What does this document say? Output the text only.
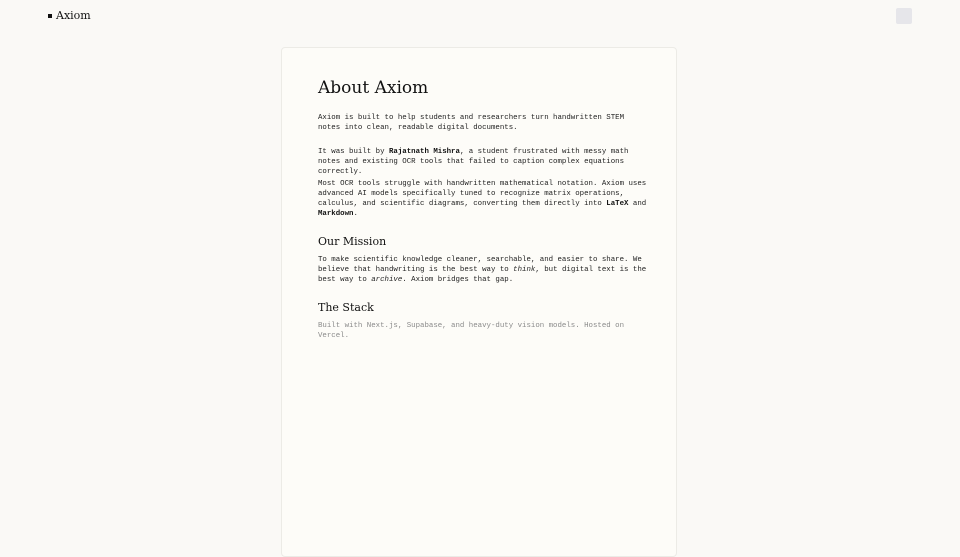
Axiom
About Axiom

Axiom is built to help students and researchers turn handwritten STEM notes into clean, readable digital documents.

It was built by Rajatnath Mishra, a student frustrated with messy math notes and existing OCR tools that failed to caption complex equations correctly.

Most OCR tools struggle with handwritten mathematical notation. Axiom uses advanced AI models specifically tuned to recognize matrix operations, calculus, and scientific diagrams, converting them directly into LaTeX and Markdown.

Our Mission

To make scientific knowledge cleaner, searchable, and easier to share. We believe that handwriting is the best way to think, but digital text is the best way to archive. Axiom bridges that gap.

The Stack

Built with Next.js, Supabase, and heavy-duty vision models. Hosted on Vercel.
